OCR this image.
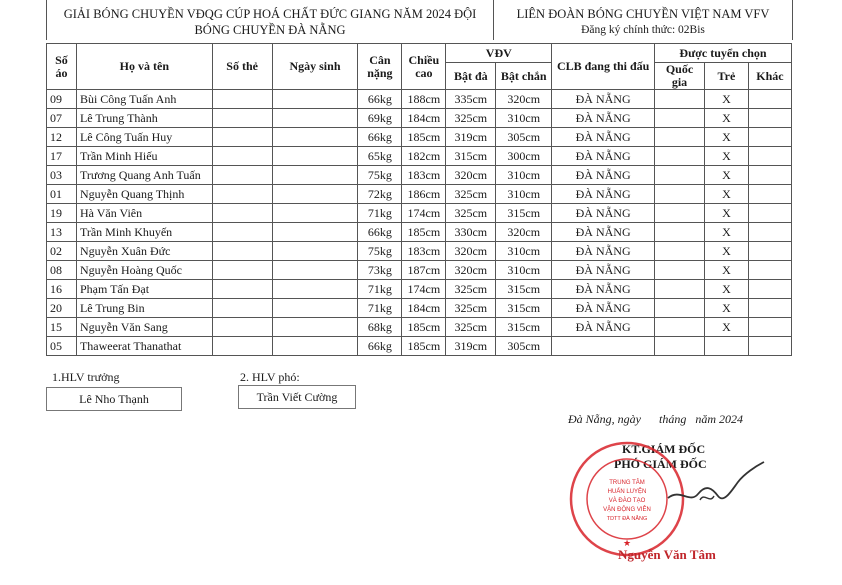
GIẢI BÓNG CHUYỀN VĐQG CÚP HOÁ CHẤT ĐỨC GIANG NĂM 2024 ĐỘI
BÓNG CHUYỀN ĐÀ NẴNG
LIÊN ĐOÀN BÓNG CHUYỀN VIỆT NAM VFV
Đăng ký chính thức: 02Bis
Số áo	Họ và tên	Số thẻ	Ngày sinh	Cân nặng	Chiều cao	VĐV		CLB đang thi đấu	Được tuyển chọn		
						Bật đà	Bật chắn		Quốc gia	Trẻ	Khác
09	Bùi Công Tuấn Anh			66kg	188cm	335cm	320cm	ĐÀ NẴNG		X	
07	Lê Trung Thành			69kg	184cm	325cm	310cm	ĐÀ NẴNG		X	
12	Lê Công Tuấn Huy			66kg	185cm	319cm	305cm	ĐÀ NẴNG		X	
17	Trần Minh Hiếu			65kg	182cm	315cm	300cm	ĐÀ NẴNG		X	
03	Trương Quang Anh Tuấn			75kg	183cm	320cm	310cm	ĐÀ NẴNG		X	
01	Nguyễn Quang Thịnh			72kg	186cm	325cm	310cm	ĐÀ NẴNG		X	
19	Hà Văn Viên			71kg	174cm	325cm	315cm	ĐÀ NẴNG		X	
13	Trần Minh Khuyến			66kg	185cm	330cm	320cm	ĐÀ NẴNG		X	
02	Nguyễn Xuân Đức			75kg	183cm	320cm	310cm	ĐÀ NẴNG		X	
08	Nguyễn Hoàng Quốc			73kg	187cm	320cm	310cm	ĐÀ NẴNG		X	
16	Phạm Tấn Đạt			71kg	174cm	325cm	315cm	ĐÀ NẴNG		X	
20	Lê Trung Bin			71kg	184cm	325cm	315cm	ĐÀ NẴNG		X	
15	Nguyễn Văn Sang			68kg	185cm	325cm	315cm	ĐÀ NẴNG		X	
05	Thaweerat Thanathat			66kg	185cm	319cm	305cm				
1.HLV trưởng
Lê Nho Thạnh
2. HLV phó:
Trần Viết Cường
Đà Nẵng, ngày      tháng   năm 2024
KT.GIÁM ĐỐC
PHÓ GIÁM ĐỐC
TRUNG TÂM
HUẤN LUYỆN
VÀ ĐÀO TẠO
VẬN ĐỘNG VIÊN
TDTT ĐÀ NẴNG
★
Nguyễn Văn Tâm
